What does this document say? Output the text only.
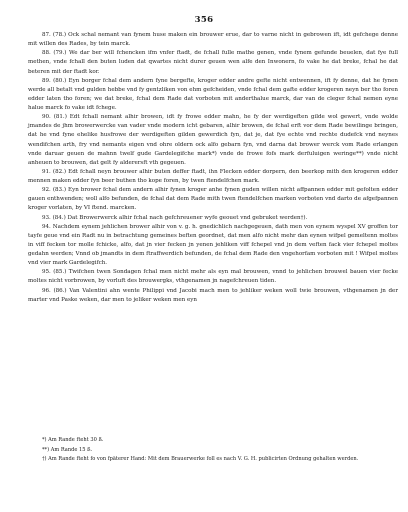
356

87. (78.) Ock schal nemant van fynem huse maken ein brouwer erue, dar to varne nicht in gebrowen ift, idt gefchege denne mit willen des Rades, by tein marck.

88. (79.) We dar ber will fchencken ifm vnfer ftadt, de fchall fulle mathe genen, vnde fynem gefunde beuelen, dat fye full methen, vnde fchall den buten luden dat qwartes nicht durer geuen wen alfe den Inwonern, fo vake he dat breke, fchal he dat beteren mit der ftadt kor.

89. (80.) Eyn borger fchal dem andern fyne bergefte, kroger edder andre gefte nicht entwennen, ift fy denne, dat he fynen werde all betalt vnd gulden hebbe vnd fy gentzliken von ehm gefcheiden, vnde fchal dem gafte edder krogeren neyn ber tho foren edder laten tho foren; we dat breke, fchal dem Rade dat vorboten mit anderthalue marck, dar van de cleger fchal nemen eyne halue marck fo vake idt fchege.

90. (81.) Edt fchall nemant alhir browen, idt fy frowe edder mahn, he fy der werdigeften gilde wol gewert, vnde wolde jmandes de jhm browerwercke van vader vnde modern icht gebaren, alhir browen, de fchal erft vor dem Rade bewilinge bringen, dat he vnd fyne ehelike husfrowe der werdigeften gilden gewerdich fyn, dat je, dat fye echte vnd rechte dudefck vnd neynes wendifchen arth, fry vnd nemants eigen vnd ohre oldern ock alfo gebarn fyn, vnd darna dat brower werck vom Rade erlangen vnde daruar geuen de mahnn twelf gude Gardelegifche mark*) vnde de frowe fofs mark derfuluigen weringe**) vnde nicht anheuen to brouwen, dat gelt fy alderersft vth gegeuen.

91. (82.) Edt fchall neyn brouwer alhir buten deffer ftadt, ihn Flecken edder dorpern, den beerkop mith den krogeren edder mennen maken edder fyn beer buthen tho kope foren, by twen ftendelfchen mark.

92. (83.) Eyn brower fchal dem andern alhir fynen kroger anhe fynen guden willen nicht affpannen edder mit gefolten edder gauen enthwenden; woll alfo befunden, de fchal dat dem Rade mith twen ftendelfchen marken vorboten vnd darto de afgefpannen kroger vorlaten, by VI ftend. marcken.

93. (84.) Dat Browerwerck alhir fchal nach gefchreuener wyfe geouet vnd gebruket werden†).

94. Nachdem eynem jehlichen brower alhir von v. g. h. gnedichlich nachgegeuen, dath men von eynem wyspel XV groffen tor tayfe geue vnd ein Radt nu in betrachtung gemeines beften geordnet, dat men alfo nicht mehr dan eynen wifpel gemeltenn moltes in viff fecken tor molle fchicke, alfo, dat jn vier fecken jn yenen jehliken viff fchepel vnd jn dem veften fack vier fchepel moltes gedahn werden; Vnnd ob jmandts in dem ftraffwerdich befunden, de fchal dem Rade den vngehorfam vorboten mit ! Wifpel moltes vnd vier mark Gardelegifch.

95. (85.) Twifchen twen Sondagen fchal men nicht mehr als eyn mal brouwen, vnnd to jehlichen brouwel bauen vier fecke moltes nicht vorbrowen, by vorluft des brouwergks, vthgenamen jn nagefchreuen tiden.

96. (86.) Van Valentini ahn wente Philippi vnd Jacobi mach men to jehliker weken woll twie brouwen, vthgenamen jn der marter vnd Paske weken, dar men to jeliker weken men eyn

*) Am Rande fteht 30 ß.

**) Am Rande 15 ß.

†) Am Rande fteht fo von fpäterer Hand: Mit dem Brauerwerke foll es nach V. G. H. publicirten Ordnung gehalten werden.
